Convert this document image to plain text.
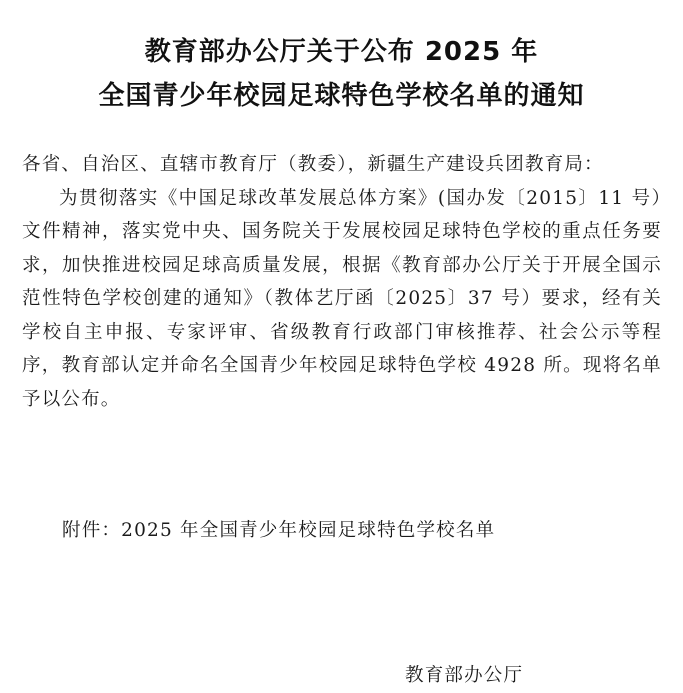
教育部办公厅关于公布 2025 年
全国青少年校园足球特色学校名单的通知

各省、自治区、直辖市教育厅（教委），新疆生产建设兵团教育局：

为贯彻落实《中国足球改革发展总体方案》(国办发〔2015〕11 号）文件精神，落实党中央、国务院关于发展校园足球特色学校的重点任务要求，加快推进校园足球高质量发展，根据《教育部办公厅关于开展全国示范性特色学校创建的通知》（教体艺厅函〔2025〕37 号）要求，经有关学校自主申报、专家评审、省级教育行政部门审核推荐、社会公示等程序，教育部认定并命名全国青少年校园足球特色学校 4928 所。现将名单予以公布。

附件：2025 年全国青少年校园足球特色学校名单
教育部办公厅
